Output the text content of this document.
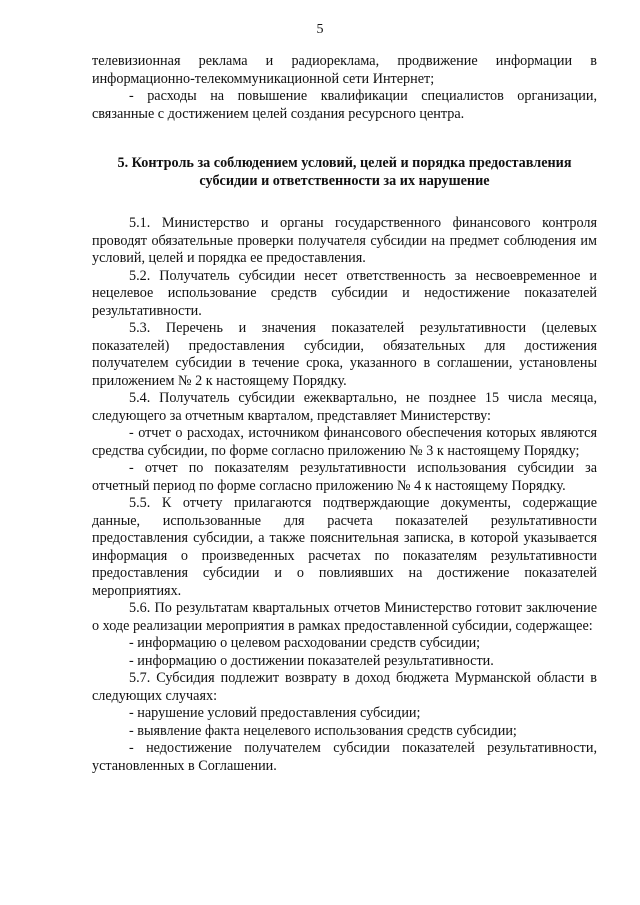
5

телевизионная реклама и радиореклама, продвижение информации в информационно-телекоммуникационной сети Интернет;

- расходы на повышение квалификации специалистов организации, связанные с достижением целей создания ресурсного центра.

5. Контроль за соблюдением условий, целей и порядка предоставления субсидии и ответственности за их нарушение

5.1. Министерство и органы государственного финансового контроля проводят обязательные проверки получателя субсидии на предмет соблюдения им условий, целей и порядка ее предоставления.

5.2. Получатель субсидии несет ответственность за несвоевременное и нецелевое использование средств субсидии и недостижение показателей результативности.

5.3. Перечень и значения показателей результативности (целевых показателей) предоставления субсидии, обязательных для достижения получателем субсидии в течение срока, указанного в соглашении, установлены приложением № 2 к настоящему Порядку.

5.4. Получатель субсидии ежеквартально, не позднее 15 числа месяца, следующего за отчетным кварталом, представляет Министерству:

- отчет о расходах, источником финансового обеспечения которых являются средства субсидии, по форме согласно приложению № 3 к настоящему Порядку;

- отчет по показателям результативности использования субсидии за отчетный период по форме согласно приложению № 4 к настоящему Порядку.

5.5. К отчету прилагаются подтверждающие документы, содержащие данные, использованные для расчета показателей результативности предоставления субсидии, а также пояснительная записка, в которой указывается информация о произведенных расчетах по показателям результативности предоставления субсидии и о повлиявших на достижение показателей мероприятиях.

5.6. По результатам квартальных отчетов Министерство готовит заключение о ходе реализации мероприятия в рамках предоставленной субсидии, содержащее:

- информацию о целевом расходовании средств субсидии;

- информацию о достижении показателей результативности.

5.7. Субсидия подлежит возврату в доход бюджета Мурманской области в следующих случаях:

- нарушение условий предоставления субсидии;

- выявление факта нецелевого использования средств субсидии;

- недостижение получателем субсидии показателей результативности, установленных в Соглашении.
